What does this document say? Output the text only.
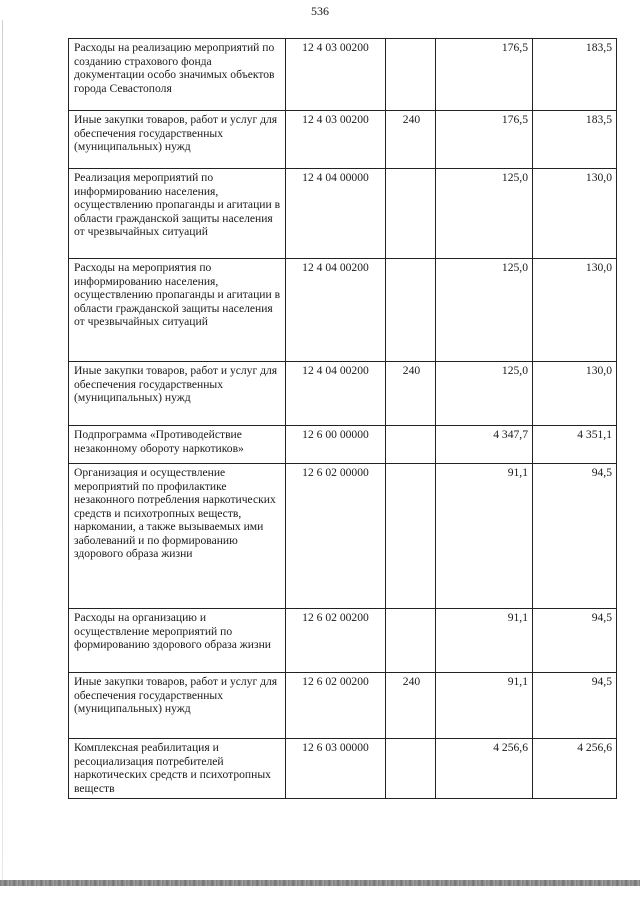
536
Расходы на реализацию мероприятий по созданию страхового фонда документации особо значимых объектов города Севастополя	12 4 03 00200		176,5	183,5
Иные закупки товаров, работ и услуг для обеспечения государственных (муниципальных) нужд	12 4 03 00200	240	176,5	183,5
Реализация мероприятий по информированию населения, осуществлению пропаганды и агитации в области гражданской защиты населения от чрезвычайных ситуаций	12 4 04 00000		125,0	130,0
Расходы на мероприятия по информированию населения, осуществлению пропаганды и агитации в области гражданской защиты населения от чрезвычайных ситуаций	12 4 04 00200		125,0	130,0
Иные закупки товаров, работ и услуг для обеспечения государственных (муниципальных) нужд	12 4 04 00200	240	125,0	130,0
Подпрограмма «Противодействие незаконному обороту наркотиков»	12 6 00 00000		4 347,7	4 351,1
Организация и осуществление мероприятий по профилактике незаконного потребления наркотических средств и психотропных веществ, наркомании, а также вызываемых ими заболеваний и по формированию здорового образа жизни	12 6 02 00000		91,1	94,5
Расходы на организацию и осуществление мероприятий по формированию здорового образа жизни	12 6 02 00200		91,1	94,5
Иные закупки товаров, работ и услуг для обеспечения государственных (муниципальных) нужд	12 6 02 00200	240	91,1	94,5
Комплексная реабилитация и ресоциализация потребителей наркотических средств и психотропных веществ	12 6 03 00000		4 256,6	4 256,6
